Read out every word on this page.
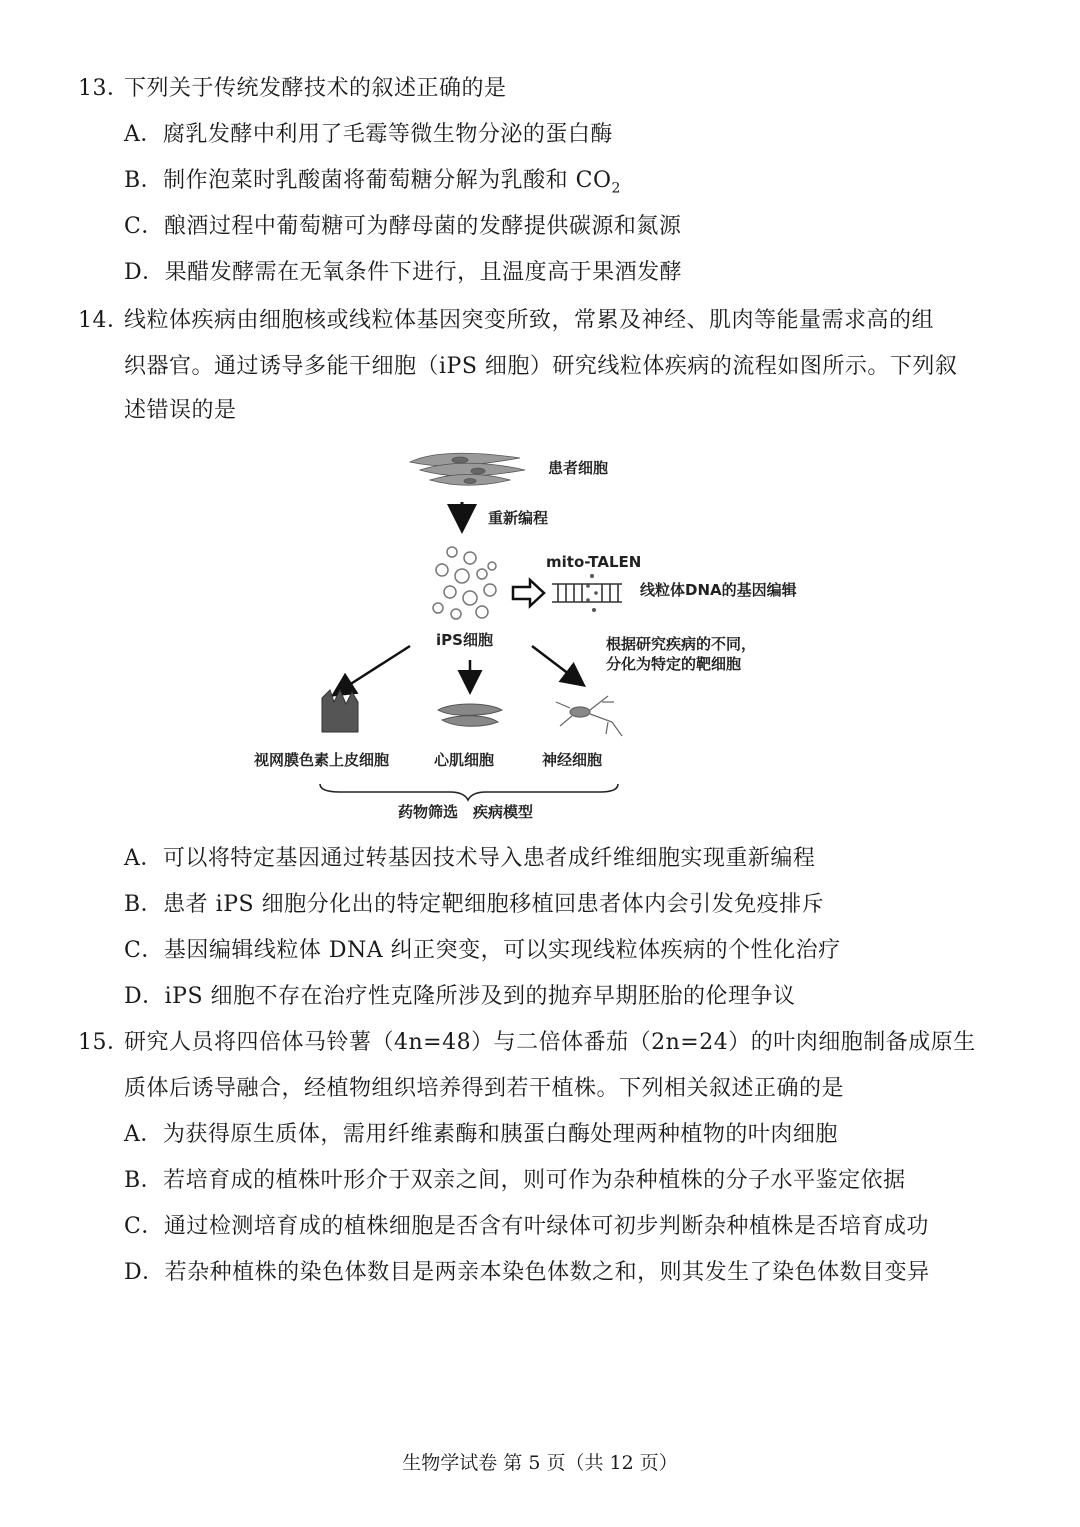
13．
下列关于传统发酵技术的叙述正确的是
A．腐乳发酵中利用了毛霉等微生物分泌的蛋白酶
B．制作泡菜时乳酸菌将葡萄糖分解为乳酸和 $CO_2$
C．酿酒过程中葡萄糖可为酵母菌的发酵提供碳源和氮源
D．果醋发酵需在无氧条件下进行，且温度高于果酒发酵
14．
线粒体疾病由细胞核或线粒体基因突变所致，常累及神经、肌肉等能量需求高的组
织器官。通过诱导多能干细胞（iPS 细胞）研究线粒体疾病的流程如图所示。下列叙
述错误的是
患者细胞
重新编程
mito-TALEN
线粒体DNA的基因编辑
iPS细胞	根据研究疾病的不同，
分化为特定的靶细胞
视网膜色素上皮细胞	心肌细胞	神经细胞
药物筛选　疾病模型
A．可以将特定基因通过转基因技术导入患者成纤维细胞实现重新编程
B．患者 iPS 细胞分化出的特定靶细胞移植回患者体内会引发免疫排斥
C．基因编辑线粒体 DNA 纠正突变，可以实现线粒体疾病的个性化治疗
D．iPS 细胞不存在治疗性克隆所涉及到的抛弃早期胚胎的伦理争议
15．
研究人员将四倍体马铃薯（4n=48）与二倍体番茄（2n=24）的叶肉细胞制备成原生
质体后诱导融合，经植物组织培养得到若干植株。下列相关叙述正确的是
A．为获得原生质体，需用纤维素酶和胰蛋白酶处理两种植物的叶肉细胞
B．若培育成的植株叶形介于双亲之间，则可作为杂种植株的分子水平鉴定依据
C．通过检测培育成的植株细胞是否含有叶绿体可初步判断杂种植株是否培育成功
D．若杂种植株的染色体数目是两亲本染色体数之和，则其发生了染色体数目变异
生物学试卷 第 5 页（共 12 页）
